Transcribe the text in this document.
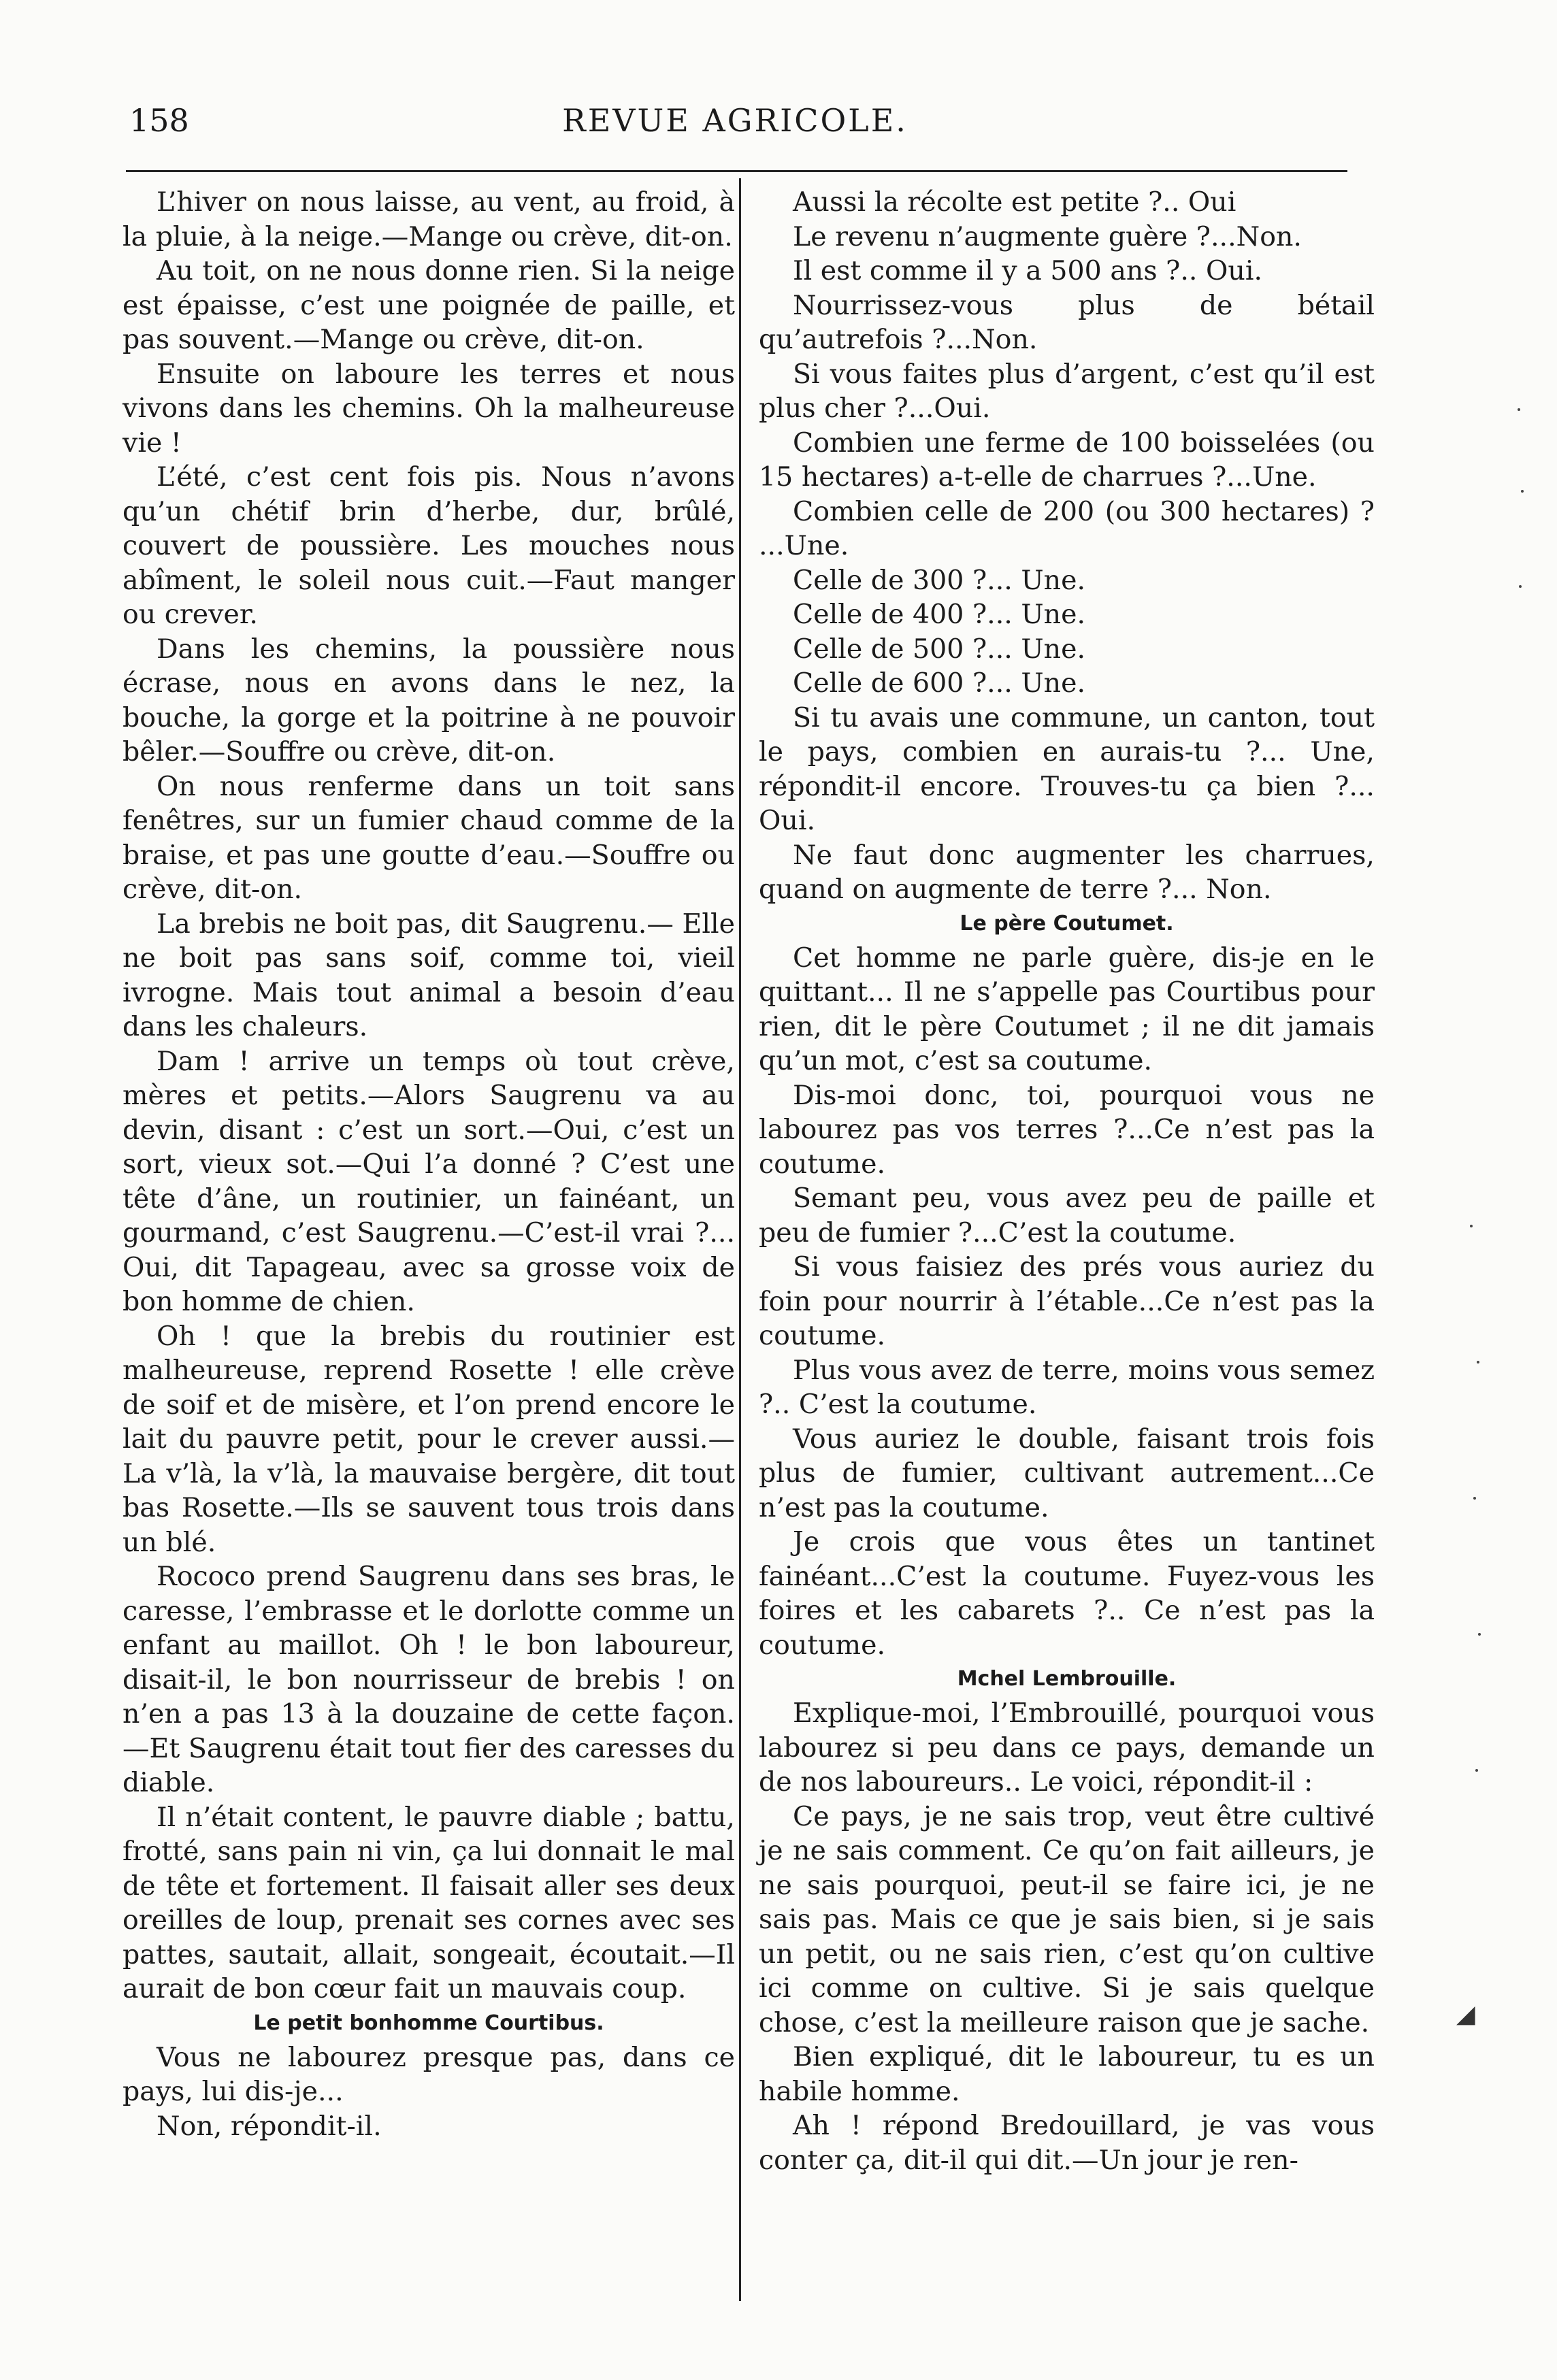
158	REVUE AGRICOLE.

L’hiver on nous laisse, au vent, au froid, à la pluie, à la neige.—Mange ou crève, dit-on.

Au toit, on ne nous donne rien. Si la neige est épaisse, c’est une poignée de paille, et pas souvent.—Mange ou crève, dit-on.

Ensuite on laboure les terres et nous vivons dans les chemins. Oh la malheureuse vie !

L’été, c’est cent fois pis. Nous n’avons qu’un chétif brin d’herbe, dur, brûlé, couvert de poussière. Les mouches nous abîment, le soleil nous cuit.—Faut manger ou crever.

Dans les chemins, la poussière nous écrase, nous en avons dans le nez, la bouche, la gorge et la poitrine à ne pouvoir bêler.—Souffre ou crève, dit-on.

On nous renferme dans un toit sans fenêtres, sur un fumier chaud comme de la braise, et pas une goutte d’eau.—Souffre ou crève, dit-on.

La brebis ne boit pas, dit Saugrenu.— Elle ne boit pas sans soif, comme toi, vieil ivrogne. Mais tout animal a besoin d’eau dans les chaleurs.

Dam ! arrive un temps où tout crève, mères et petits.—Alors Saugrenu va au devin, disant : c’est un sort.—Oui, c’est un sort, vieux sot.—Qui l’a donné ? C’est une tête d’âne, un routinier, un fainéant, un gourmand, c’est Saugrenu.—C’est-il vrai ?... Oui, dit Tapageau, avec sa grosse voix de bon homme de chien.

Oh ! que la brebis du routinier est malheureuse, reprend Rosette ! elle crève de soif et de misère, et l’on prend encore le lait du pauvre petit, pour le crever aussi.—La v’là, la v’là, la mauvaise bergère, dit tout bas Rosette.—Ils se sauvent tous trois dans un blé.

Rococo prend Saugrenu dans ses bras, le caresse, l’embrasse et le dorlotte comme un enfant au maillot. Oh ! le bon laboureur, disait-il, le bon nourrisseur de brebis ! on n’en a pas 13 à la douzaine de cette façon. —Et Saugrenu était tout fier des caresses du diable.

Il n’était content, le pauvre diable ; battu, frotté, sans pain ni vin, ça lui donnait le mal de tête et fortement. Il faisait aller ses deux oreilles de loup, prenait ses cornes avec ses pattes, sautait, allait, songeait, écoutait.—Il aurait de bon cœur fait un mauvais coup.

Le petit bonhomme Courtibus.

Vous ne labourez presque pas, dans ce pays, lui dis-je...

Non, répondit-il.

Aussi la récolte est petite ?.. Oui

Le revenu n’augmente guère ?...Non.

Il est comme il y a 500 ans ?.. Oui.

Nourrissez-vous plus de bétail qu’autrefois ?...Non.

Si vous faites plus d’argent, c’est qu’il est plus cher ?...Oui.

Combien une ferme de 100 boisselées (ou 15 hectares) a-t-elle de charrues ?...Une.

Combien celle de 200 (ou 300 hectares) ? ...Une.

Celle de 300 ?... Une.

Celle de 400 ?... Une.

Celle de 500 ?... Une.

Celle de 600 ?... Une.

Si tu avais une commune, un canton, tout le pays, combien en aurais-tu ?... Une, répondit-il encore. Trouves-tu ça bien ?... Oui.

Ne faut donc augmenter les charrues, quand on augmente de terre ?... Non.

Le père Coutumet.

Cet homme ne parle guère, dis-je en le quittant... Il ne s’appelle pas Courtibus pour rien, dit le père Coutumet ; il ne dit jamais qu’un mot, c’est sa coutume.

Dis-moi donc, toi, pourquoi vous ne labourez pas vos terres ?...Ce n’est pas la coutume.

Semant peu, vous avez peu de paille et peu de fumier ?...C’est la coutume.

Si vous faisiez des prés vous auriez du foin pour nourrir à l’étable...Ce n’est pas la coutume.

Plus vous avez de terre, moins vous semez ?.. C’est la coutume.

Vous auriez le double, faisant trois fois plus de fumier, cultivant autrement...Ce n’est pas la coutume.

Je crois que vous êtes un tantinet fainéant...C’est la coutume. Fuyez-vous les foires et les cabarets ?.. Ce n’est pas la coutume.

Mchel Lembrouille.

Explique-moi, l’Embrouillé, pourquoi vous labourez si peu dans ce pays, demande un de nos laboureurs.. Le voici, répondit-il :

Ce pays, je ne sais trop, veut être cultivé je ne sais comment. Ce qu’on fait ailleurs, je ne sais pourquoi, peut-il se faire ici, je ne sais pas. Mais ce que je sais bien, si je sais un petit, ou ne sais rien, c’est qu’on cultive ici comme on cultive. Si je sais quelque chose, c’est la meilleure raison que je sache.

Bien expliqué, dit le laboureur, tu es un habile homme.

Ah ! répond Bredouillard, je vas vous conter ça, dit-il qui dit.—Un jour je ren-

◢
